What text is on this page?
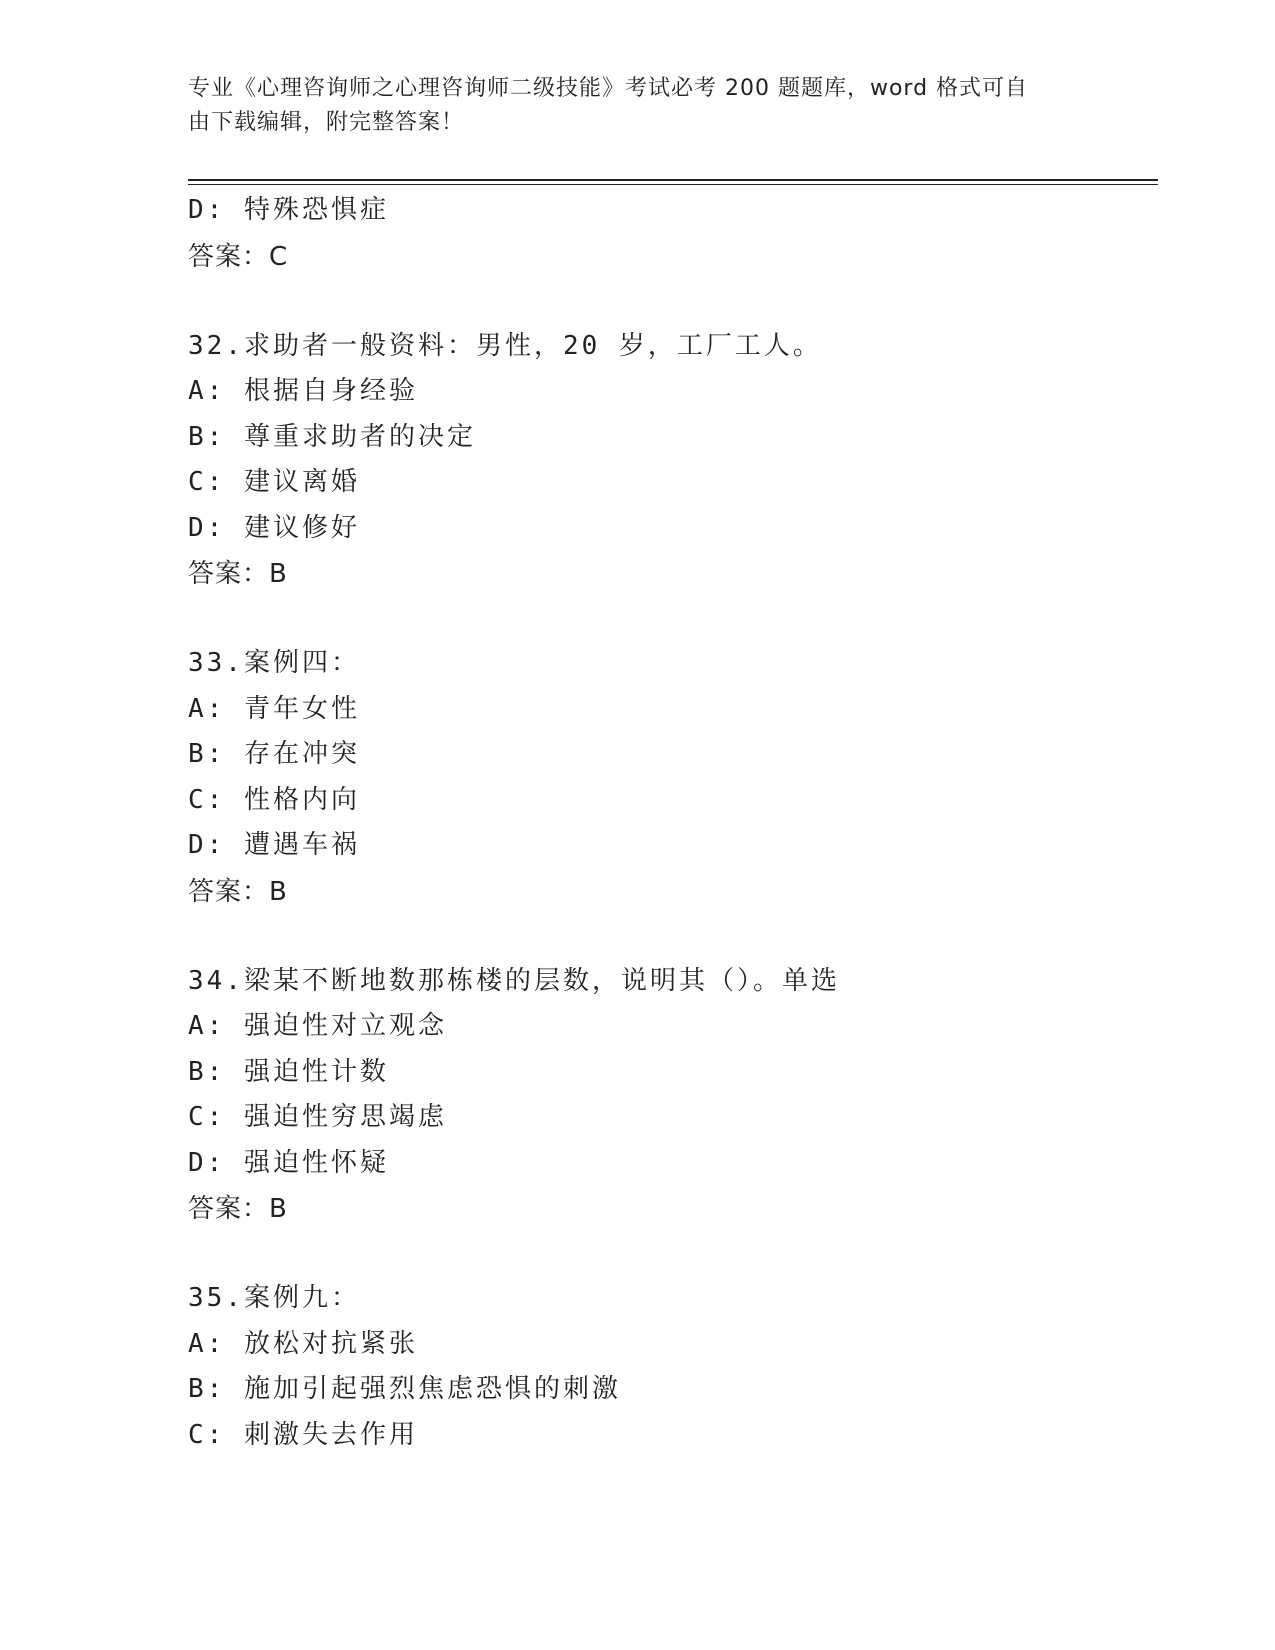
专业《心理咨询师之心理咨询师二级技能》考试必考 200 题题库，word 格式可自
由下载编辑，附完整答案！
D: 特殊恐惧症
答案：C
32.求助者一般资料：男性，20 岁，工厂工人。
A: 根据自身经验
B: 尊重求助者的决定
C: 建议离婚
D: 建议修好
答案：B
33.案例四：
A: 青年女性
B: 存在冲突
C: 性格内向
D: 遭遇车祸
答案：B
34.梁某不断地数那栋楼的层数，说明其（）。单选
A: 强迫性对立观念
B: 强迫性计数
C: 强迫性穷思竭虑
D: 强迫性怀疑
答案：B
35.案例九：
A: 放松对抗紧张
B: 施加引起强烈焦虑恐惧的刺激
C: 刺激失去作用
